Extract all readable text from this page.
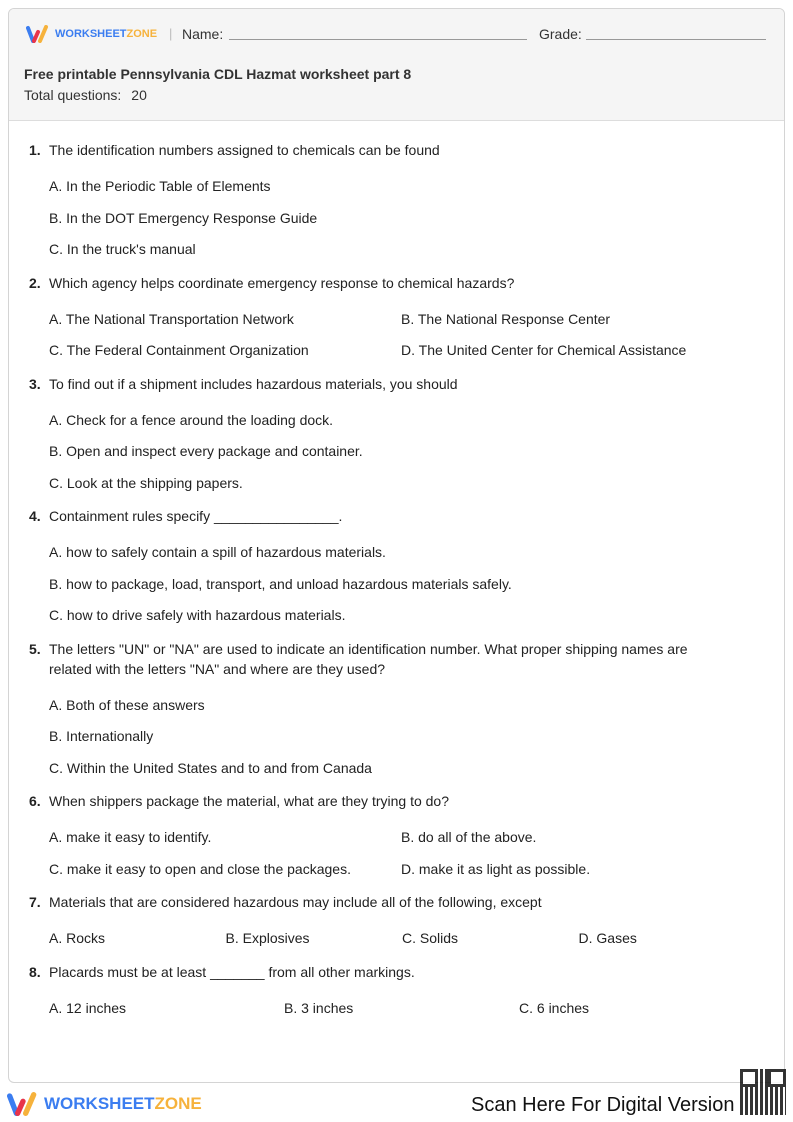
WORKSHEETZONE | Name:	Grade:
Free printable Pennsylvania CDL Hazmat worksheet part 8
Total questions: 20
1. The identification numbers assigned to chemicals can be found
A. In the Periodic Table of Elements
B. In the DOT Emergency Response Guide
C. In the truck's manual
2. Which agency helps coordinate emergency response to chemical hazards?
A. The National Transportation Network	B. The National Response Center
C. The Federal Containment Organization	D. The United Center for Chemical Assistance
3. To find out if a shipment includes hazardous materials, you should
A. Check for a fence around the loading dock.
B. Open and inspect every package and container.
C. Look at the shipping papers.
4. Containment rules specify ________________.
A. how to safely contain a spill of hazardous materials.
B. how to package, load, transport, and unload hazardous materials safely.
C. how to drive safely with hazardous materials.
5. The letters "UN" or "NA" are used to indicate an identification number. What proper shipping names are related with the letters "NA" and where are they used?
A. Both of these answers
B. Internationally
C. Within the United States and to and from Canada
6. When shippers package the material, what are they trying to do?
A. make it easy to identify.	B. do all of the above.
C. make it easy to open and close the packages.	D. make it as light as possible.
7. Materials that are considered hazardous may include all of the following, except
A. Rocks	B. Explosives	C. Solids	D. Gases
8. Placards must be at least _______ from all other markings.
A. 12 inches	B. 3 inches	C. 6 inches
WORKSHEETZONE	Scan Here For Digital Version
